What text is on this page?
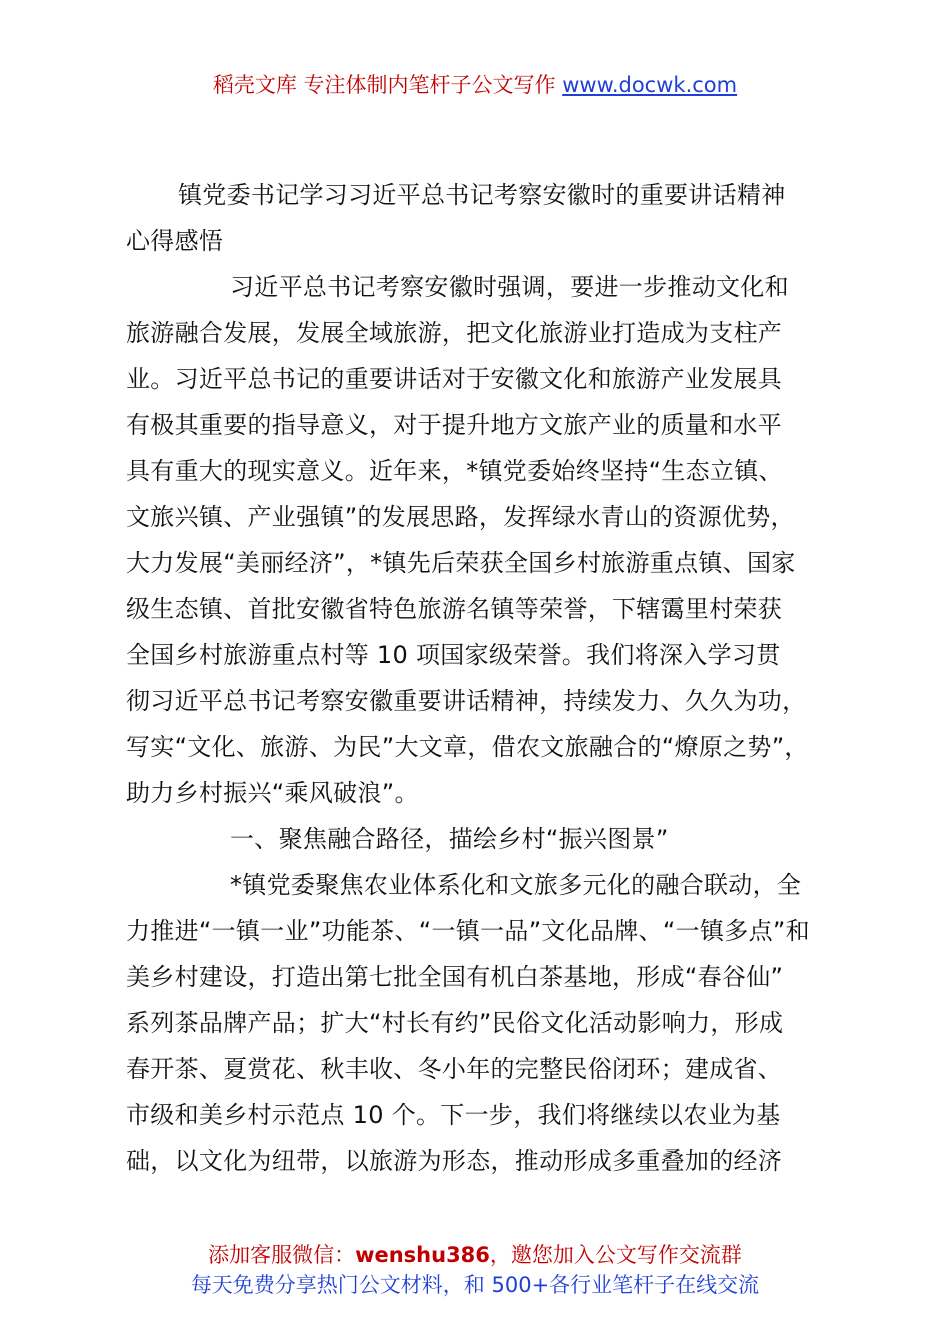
稻壳文库 专注体制内笔杆子公文写作 www.docwk.com
镇党委书记学习习近平总书记考察安徽时的重要讲话精神
心得感悟
习近平总书记考察安徽时强调，要进一步推动文化和
旅游融合发展，发展全域旅游，把文化旅游业打造成为支柱产
业。习近平总书记的重要讲话对于安徽文化和旅游产业发展具
有极其重要的指导意义，对于提升地方文旅产业的质量和水平
具有重大的现实意义。近年来，*镇党委始终坚持“生态立镇、
文旅兴镇、产业强镇”的发展思路，发挥绿水青山的资源优势，
大力发展“美丽经济”，*镇先后荣获全国乡村旅游重点镇、国家
级生态镇、首批安徽省特色旅游名镇等荣誉，下辖霭里村荣获
全国乡村旅游重点村等 10 项国家级荣誉。我们将深入学习贯
彻习近平总书记考察安徽重要讲话精神，持续发力、久久为功，
写实“文化、旅游、为民”大文章，借农文旅融合的“燎原之势”，
助力乡村振兴“乘风破浪”。
一、聚焦融合路径，描绘乡村“振兴图景”
*镇党委聚焦农业体系化和文旅多元化的融合联动，全
力推进“一镇一业”功能茶、“一镇一品”文化品牌、“一镇多点”和
美乡村建设，打造出第七批全国有机白茶基地，形成“春谷仙”
系列茶品牌产品；扩大“村长有约”民俗文化活动影响力，形成
春开茶、夏赏花、秋丰收、冬小年的完整民俗闭环；建成省、
市级和美乡村示范点 10 个。下一步，我们将继续以农业为基
础，以文化为纽带，以旅游为形态，推动形成多重叠加的经济
添加客服微信：wenshu386，邀您加入公文写作交流群
每天免费分享热门公文材料，和 500+各行业笔杆子在线交流
